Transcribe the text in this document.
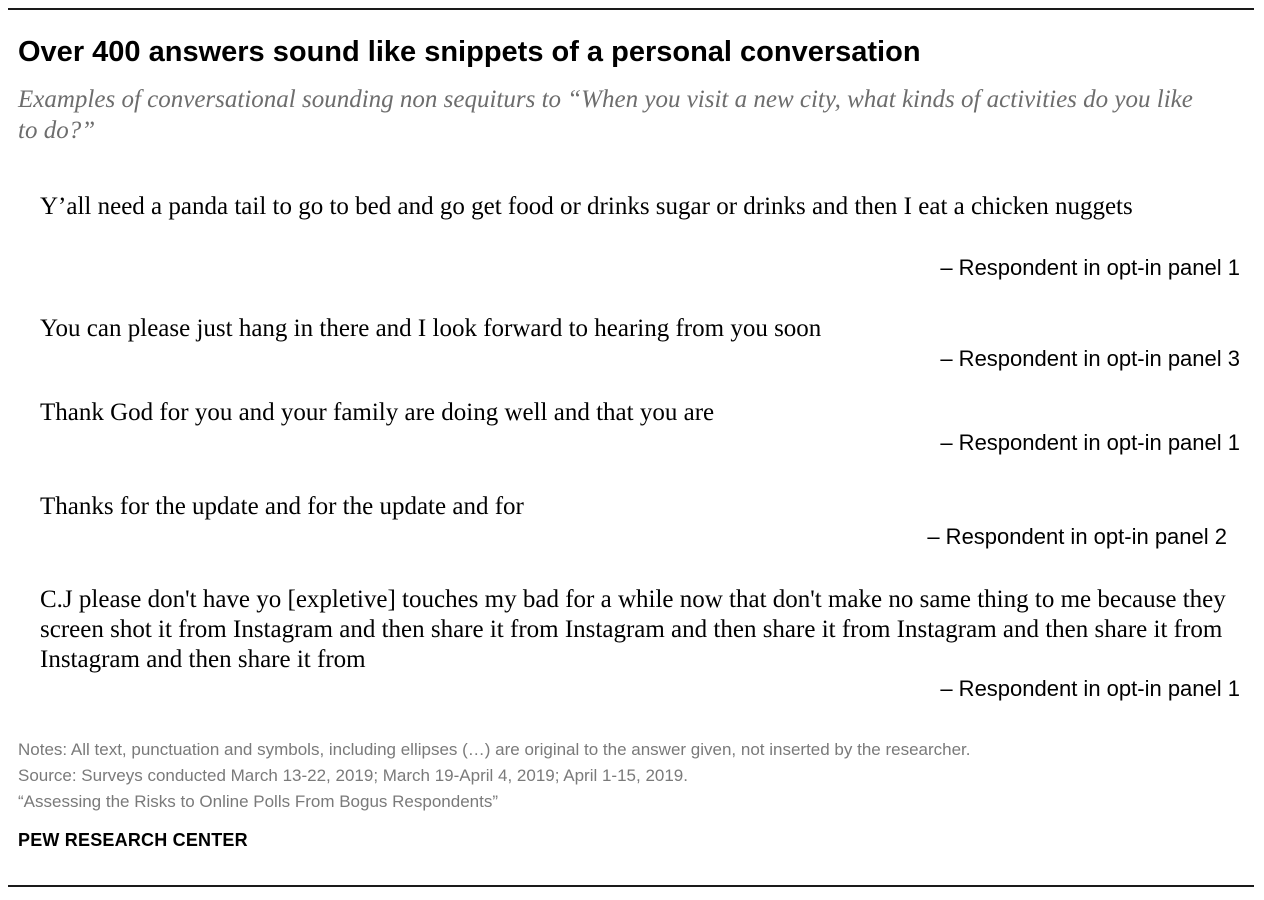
Over 400 answers sound like snippets of a personal conversation
Examples of conversational sounding non sequiturs to “When you visit a new city, what kinds of activities do you like to do?”
Y’all need a panda tail to go to bed and go get food or drinks sugar or drinks and then I eat a chicken nuggets
– Respondent in opt-in panel 1
You can please just hang in there and I look forward to hearing from you soon
– Respondent in opt-in panel 3
Thank God for you and your family are doing well and that you are
– Respondent in opt-in panel 1
Thanks for the update and for the update and for
– Respondent in opt-in panel 2
C.J please don't have yo [expletive] touches my bad for a while now that don't make no same thing to me because they screen shot it from Instagram and then share it from Instagram and then share it from Instagram and then share it from Instagram and then share it from
– Respondent in opt-in panel 1
Notes: All text, punctuation and symbols, including ellipses (…) are original to the answer given, not inserted by the researcher.
Source: Surveys conducted March 13-22, 2019; March 19-April 4, 2019; April 1-15, 2019.
“Assessing the Risks to Online Polls From Bogus Respondents”
PEW RESEARCH CENTER
